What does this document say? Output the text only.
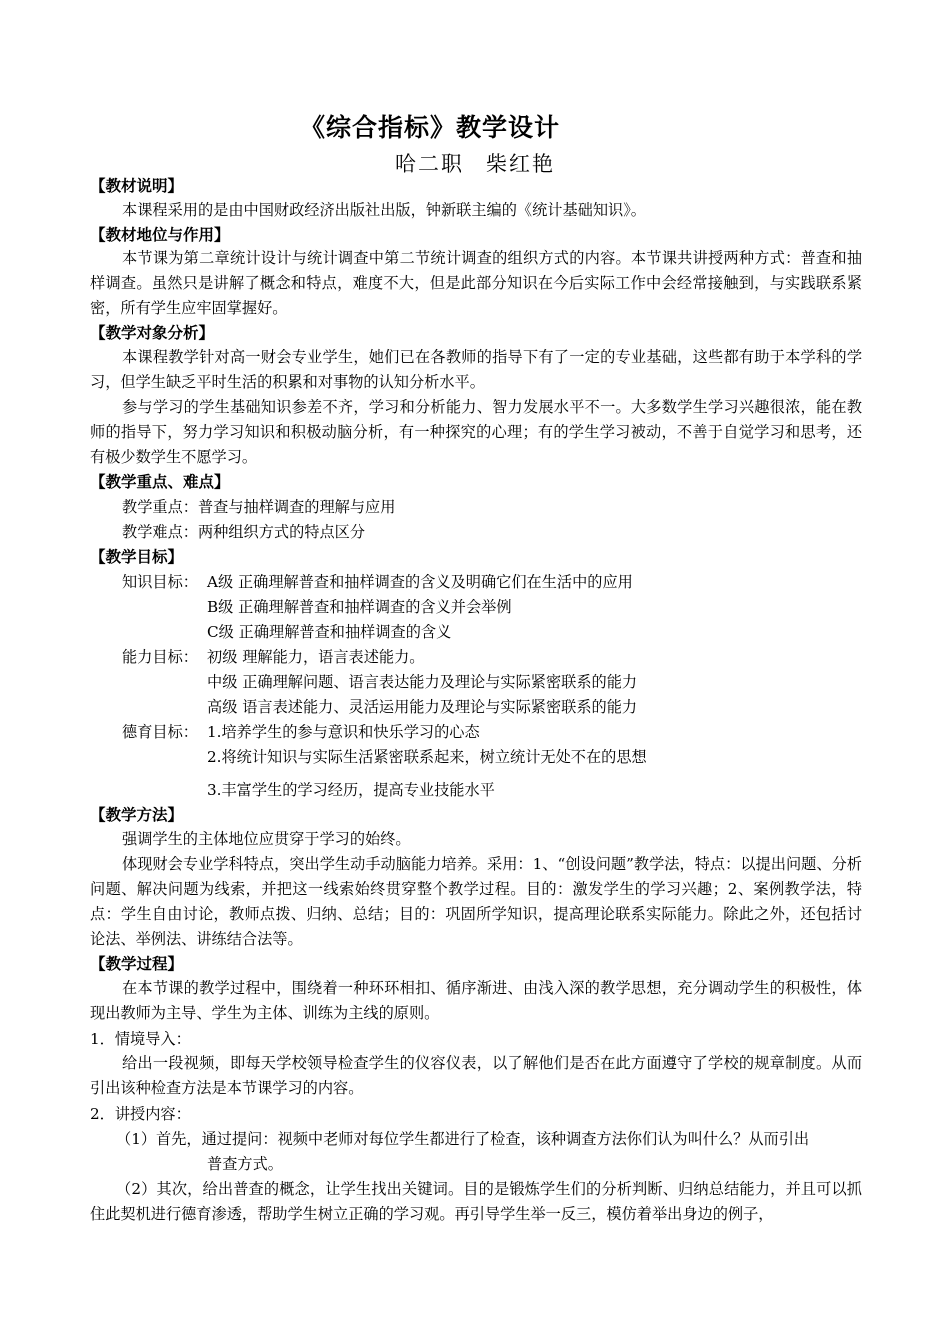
《综合指标》教学设计
哈二职 柴红艳
【教材说明】

本课程采用的是由中国财政经济出版社出版，钟新联主编的《统计基础知识》。

【教材地位与作用】

本节课为第二章统计设计与统计调查中第二节统计调查的组织方式的内容。本节课共讲授两种方式：普查和抽样调查。虽然只是讲解了概念和特点，难度不大，但是此部分知识在今后实际工作中会经常接触到，与实践联系紧密，所有学生应牢固掌握好。

【教学对象分析】

本课程教学针对高一财会专业学生，她们已在各教师的指导下有了一定的专业基础，这些都有助于本学科的学习，但学生缺乏平时生活的积累和对事物的认知分析水平。

参与学习的学生基础知识参差不齐，学习和分析能力、智力发展水平不一。大多数学生学习兴趣很浓，能在教师的指导下，努力学习知识和积极动脑分析，有一种探究的心理；有的学生学习被动，不善于自觉学习和思考，还有极少数学生不愿学习。

【教学重点、难点】
教学重点：普查与抽样调查的理解与应用
教学难点：两种组织方式的特点区分
【教学目标】
知识目标： A级 正确理解普查和抽样调查的含义及明确它们在生活中的应用
B级 正确理解普查和抽样调查的含义并会举例
C级 正确理解普查和抽样调查的含义
能力目标： 初级 理解能力，语言表述能力。
中级 正确理解问题、语言表达能力及理论与实际紧密联系的能力
高级 语言表述能力、灵活运用能力及理论与实际紧密联系的能力
德育目标： 1.培养学生的参与意识和快乐学习的心态
2.将统计知识与实际生活紧密联系起来，树立统计无处不在的思想
3.丰富学生的学习经历，提高专业技能水平
【教学方法】

强调学生的主体地位应贯穿于学习的始终。

体现财会专业学科特点，突出学生动手动脑能力培养。采用：1、“创设问题”教学法，特点：以提出问题、分析问题、解决问题为线索，并把这一线索始终贯穿整个教学过程。目的：激发学生的学习兴趣；2、案例教学法，特点：学生自由讨论，教师点拨、归纳、总结；目的：巩固所学知识，提高理论联系实际能力。除此之外，还包括讨论法、举例法、讲练结合法等。

【教学过程】

在本节课的教学过程中，围绕着一种环环相扣、循序渐进、由浅入深的教学思想，充分调动学生的积极性，体现出教师为主导、学生为主体、训练为主线的原则。

1．情境导入：

给出一段视频，即每天学校领导检查学生的仪容仪表，以了解他们是否在此方面遵守了学校的规章制度。从而引出该种检查方法是本节课学习的内容。

2．讲授内容：
（1）首先，通过提问：视频中老师对每位学生都进行了检查，该种调查方法你们认为叫什么？从而引出
普查方式。

（2）其次，给出普查的概念，让学生找出关键词。目的是锻炼学生们的分析判断、归纳总结能力，并且可以抓住此契机进行德育渗透，帮助学生树立正确的学习观。再引导学生举一反三，模仿着举出身边的例子，
